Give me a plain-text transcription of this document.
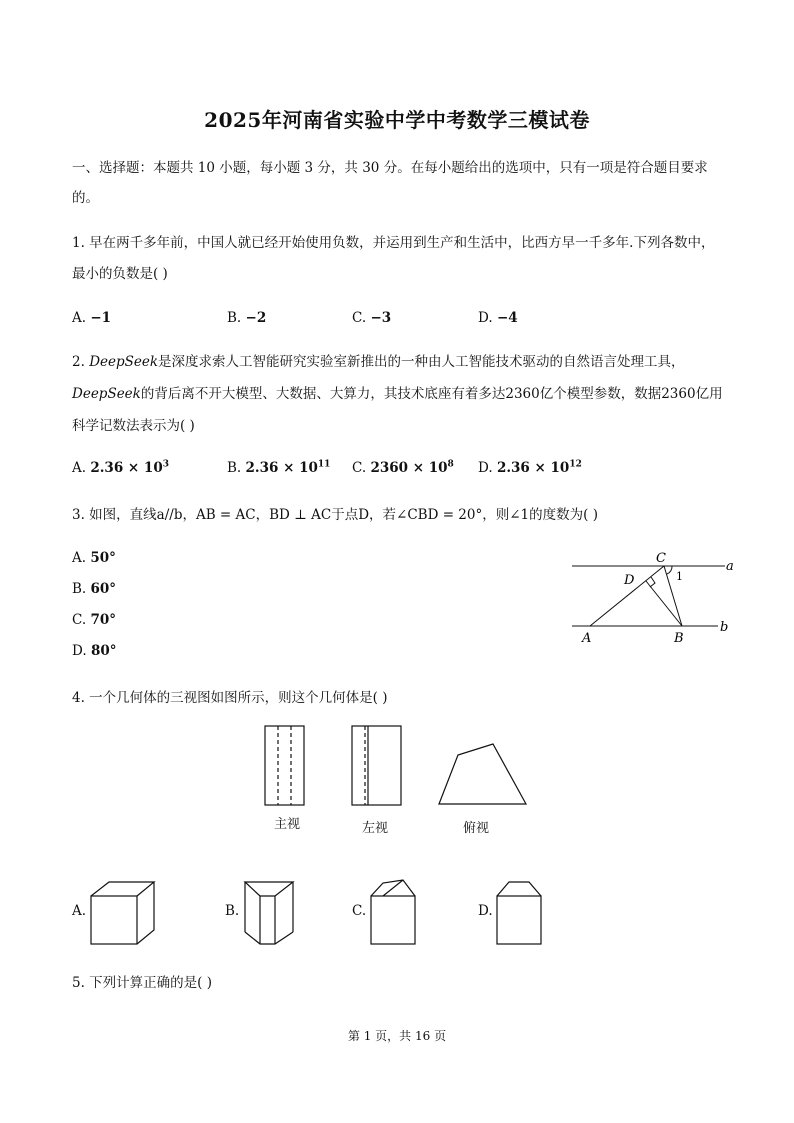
2025年河南省实验中学中考数学三模试卷
一、选择题：本题共 10 小题，每小题 3 分，共 30 分。在每小题给出的选项中，只有一项是符合题目要求
的。
1. 早在两千多年前，中国人就已经开始使用负数，并运用到生产和生活中，比西方早一千多年.下列各数中，
最小的负数是( )
A. −1	B. −2	C. −3	D. −4
2. DeepSeek是深度求索人工智能研究实验室新推出的一种由人工智能技术驱动的自然语言处理工具，
DeepSeek的背后离不开大模型、大数据、大算力，其技术底座有着多达2360亿个模型参数，数据2360亿用
科学记数法表示为( )
A. $2.36 \times 10^3$	B. $2.36 \times 10^{11}$ C. $2360 \times 10^8$ D. $2.36 \times 10^{12}$
3. 如图，直线a//b，AB = AC，BD ⊥ AC于点D，若∠CBD = 20°，则∠1的度数为( )
A. 50°
B. 60°
C. 70°
D. 80°
C
D
A	B
a
b
1
4. 一个几何体的三视图如图所示，则这个几何体是( )
主视	左视	俯视
A.	B.	C.	D.
5. 下列计算正确的是( )
第 1 页，共 16 页
